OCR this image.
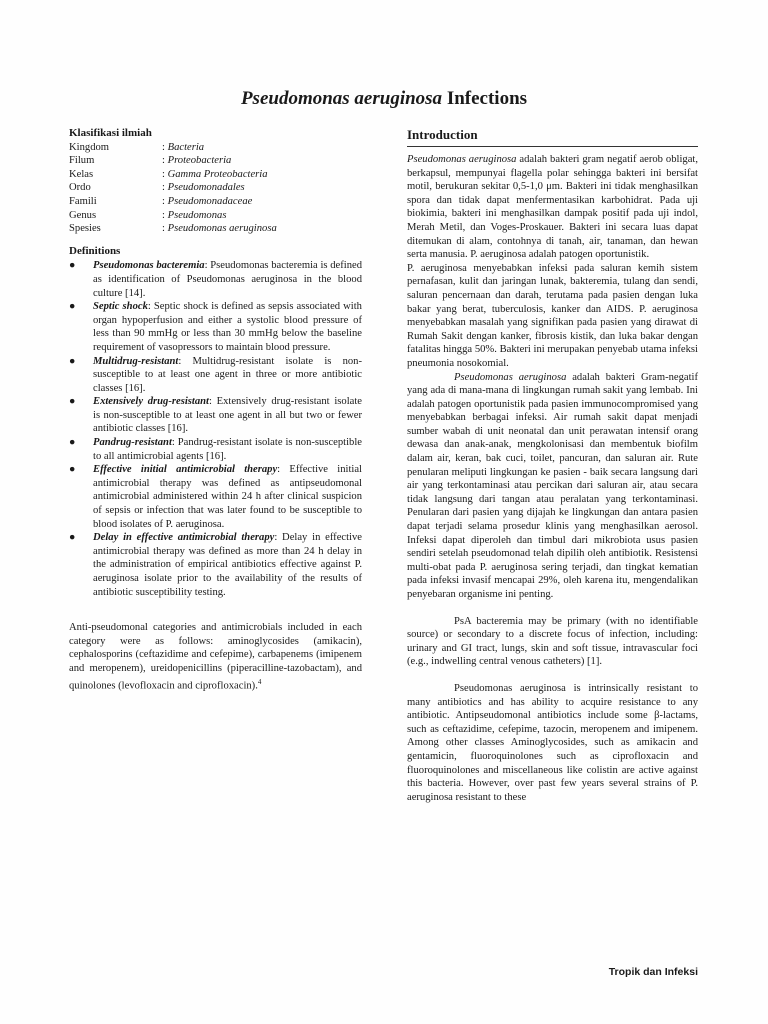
Pseudomonas aeruginosa Infections
Klasifikasi ilmiah
Kingdom	: Bacteria
Filum	: Proteobacteria
Kelas	: Gamma Proteobacteria
Ordo	: Pseudomonadales
Famili	: Pseudomonadaceae
Genus	: Pseudomonas
Spesies	: Pseudomonas aeruginosa
Definitions
● Pseudomonas bacteremia: Pseudomonas bacteremia is defined as identification of Pseudomonas aeruginosa in the blood culture [14].
● Septic shock: Septic shock is defined as sepsis associated with organ hypoperfusion and either a systolic blood pressure of less than 90 mmHg or less than 30 mmHg below the baseline requirement of vasopressors to maintain blood pressure.
● Multidrug-resistant: Multidrug-resistant isolate is non-susceptible to at least one agent in three or more antibiotic classes [16].
● Extensively drug-resistant: Extensively drug-resistant isolate is non-susceptible to at least one agent in all but two or fewer antibiotic classes [16].
● Pandrug-resistant: Pandrug-resistant isolate is non-susceptible to all antimicrobial agents [16].
● Effective initial antimicrobial therapy: Effective initial antimicrobial therapy was defined as antipseudomonal antimicrobial administered within 24 h after clinical suspicion of sepsis or infection that was later found to be susceptible to blood isolates of P. aeruginosa.
● Delay in effective antimicrobial therapy: Delay in effective antimicrobial therapy was defined as more than 24 h delay in the administration of empirical antibiotics effective against P. aeruginosa isolate prior to the availability of the results of antibiotic susceptibility testing.

Anti-pseudomonal categories and antimicrobials included in each category were as follows: aminoglycosides (amikacin), cephalosporins (ceftazidime and cefepime), carbapenems (imipenem and meropenem), ureidopenicillins (piperacilline-tazobactam), and quinolones (levofloxacin and ciprofloxacin).$^4$

Introduction

Pseudomonas aeruginosa adalah bakteri gram negatif aerob obligat, berkapsul, mempunyai flagella polar sehingga bakteri ini bersifat motil, berukuran sekitar 0,5-1,0 μm. Bakteri ini tidak menghasilkan spora dan tidak dapat menfermentasikan karbohidrat. Pada uji biokimia, bakteri ini menghasilkan dampak positif pada uji indol, Merah Metil, dan Voges-Proskauer. Bakteri ini secara luas dapat ditemukan di alam, contohnya di tanah, air, tanaman, dan hewan serta manusia. P. aeruginosa adalah patogen oportunistik.

P. aeruginosa menyebabkan infeksi pada saluran kemih sistem pernafasan, kulit dan jaringan lunak, bakteremia, tulang dan sendi, saluran pencernaan dan darah, terutama pada pasien dengan luka bakar yang berat, tuberculosis, kanker dan AIDS. P. aeruginosa menyebabkan masalah yang signifikan pada pasien yang dirawat di Rumah Sakit dengan kanker, fibrosis kistik, dan luka bakar dengan fatalitas hingga 50%. Bakteri ini merupakan penyebab utama infeksi pneumonia nosokomial.

Pseudomonas aeruginosa adalah bakteri Gram-negatif yang ada di mana-mana di lingkungan rumah sakit yang lembab. Ini adalah patogen oportunistik pada pasien immunocompromised yang menyebabkan berbagai infeksi. Air rumah sakit dapat menjadi sumber wabah di unit neonatal dan unit perawatan intensif orang dewasa dan anak-anak, mengkolonisasi dan membentuk biofilm dalam air, keran, bak cuci, toilet, pancuran, dan saluran air. Rute penularan meliputi lingkungan ke pasien - baik secara langsung dari air yang terkontaminasi atau percikan dari saluran air, atau secara tidak langsung dari tangan atau peralatan yang terkontaminasi. Penularan dari pasien yang dijajah ke lingkungan dan antara pasien dapat terjadi selama prosedur klinis yang menghasilkan aerosol. Infeksi dapat diperoleh dan timbul dari mikrobiota usus pasien sendiri setelah pseudomonad telah dipilih oleh antibiotik. Resistensi multi-obat pada P. aeruginosa sering terjadi, dan tingkat kematian pada infeksi invasif mencapai 29%, oleh karena itu, mengendalikan penyebaran organisme ini penting.

PsA bacteremia may be primary (with no identifiable source) or secondary to a discrete focus of infection, including: urinary and GI tract, lungs, skin and soft tissue, intravascular foci (e.g., indwelling central venous catheters) [1].

Pseudomonas aeruginosa is intrinsically resistant to many antibiotics and has ability to acquire resistance to any antibiotic. Antipseudomonal antibiotics include some β-lactams, such as ceftazidime, cefepime, tazocin, meropenem and imipenem. Among other classes Aminoglycosides, such as amikacin and gentamicin, fluoroquinolones such as ciprofloxacin and fluoroquinolones and miscellaneous like colistin are active against this bacteria. However, over past few years several strains of P. aeruginosa resistant to these

Tropik dan Infeksi
